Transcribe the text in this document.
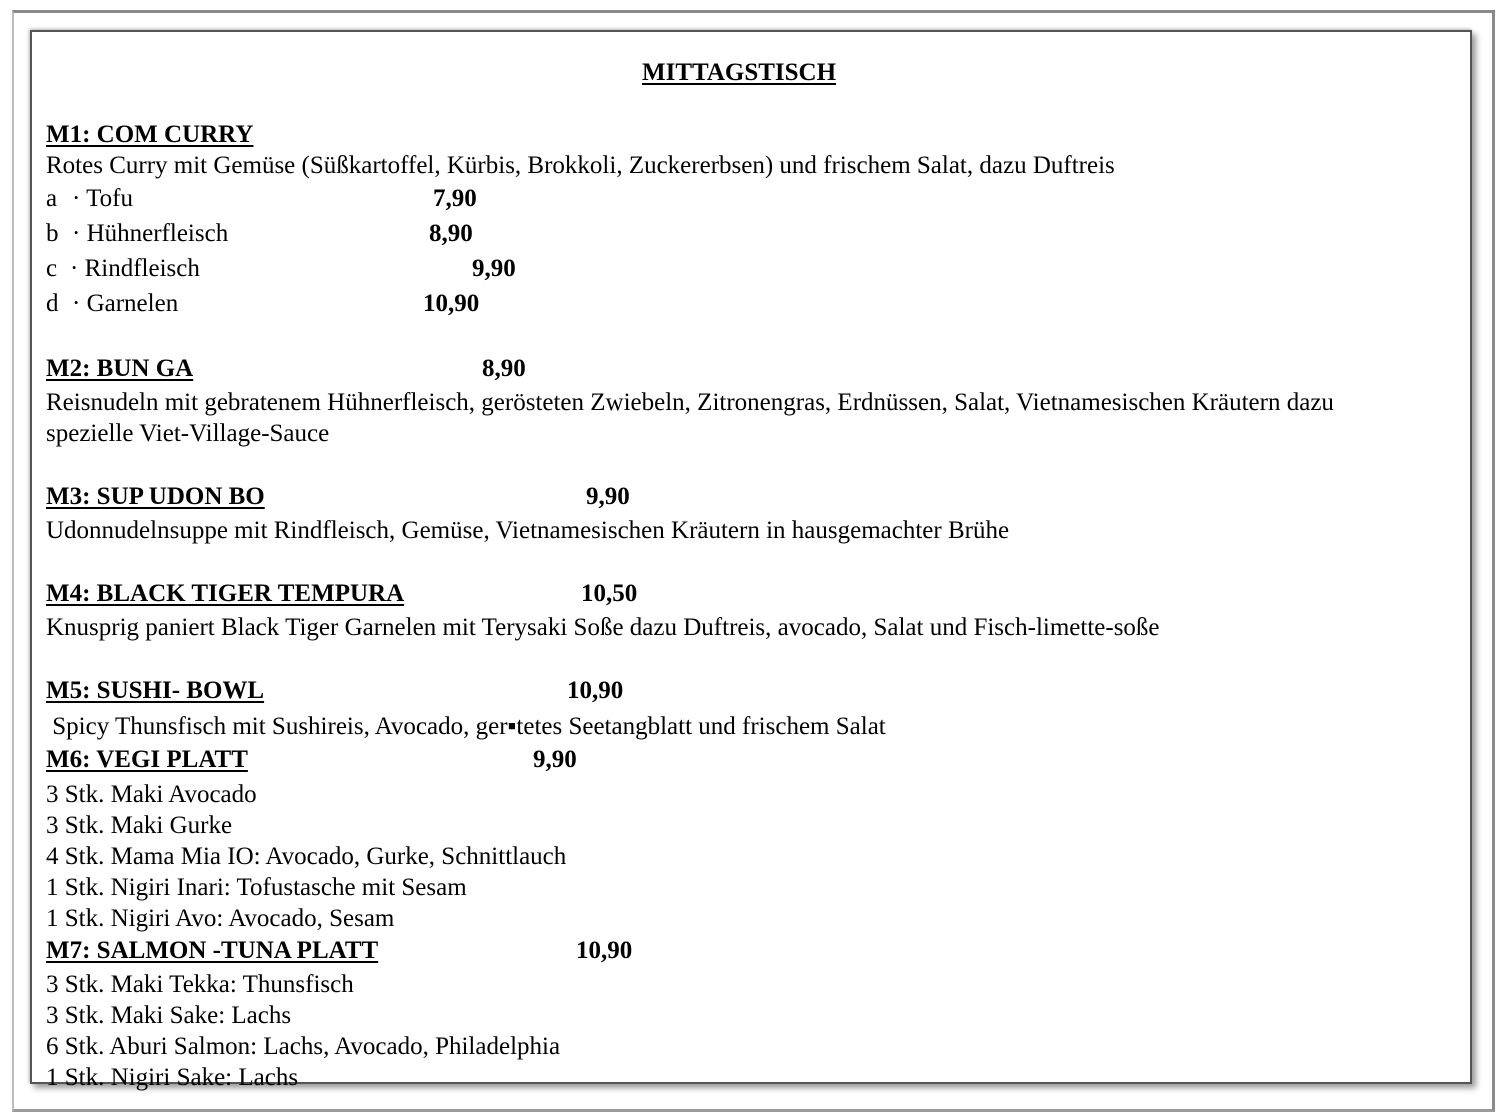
MITTAGSTISCH
M1: COM CURRY
Rotes Curry mit Gemüse (Süßkartoffel, Kürbis, Brokkoli, Zuckererbsen) und frischem Salat, dazu Duftreis
a · Tofu	7,90
b · Hühnerfleisch	8,90
c · Rindfleisch	9,90
d · Garnelen	10,90
M2: BUN GA	8,90
Reisnudeln mit gebratenem Hühnerfleisch, gerösteten Zwiebeln, Zitronengras, Erdnüssen, Salat, Vietnamesischen Kräutern dazu
spezielle Viet-Village-Sauce
M3: SUP UDON BO	9,90
Udonnudelnsuppe mit Rindfleisch, Gemüse, Vietnamesischen Kräutern in hausgemachter Brühe
M4: BLACK TIGER TEMPURA	10,50
Knusprig paniert Black Tiger Garnelen mit Terysaki Soße dazu Duftreis, avocado, Salat und Fisch-limette-soße
M5: SUSHI- BOWL	10,90
Spicy Thunsfisch mit Sushireis, Avocado, ger▪tetes Seetangblatt und frischem Salat
M6: VEGI PLATT	9,90
3 Stk. Maki Avocado
3 Stk. Maki Gurke
4 Stk. Mama Mia IO: Avocado, Gurke, Schnittlauch
1 Stk. Nigiri Inari: Tofustasche mit Sesam
1 Stk. Nigiri Avo: Avocado, Sesam
M7: SALMON -TUNA PLATT	10,90
3 Stk. Maki Tekka: Thunsfisch
3 Stk. Maki Sake: Lachs
6 Stk. Aburi Salmon: Lachs, Avocado, Philadelphia
1 Stk. Nigiri Sake: Lachs
